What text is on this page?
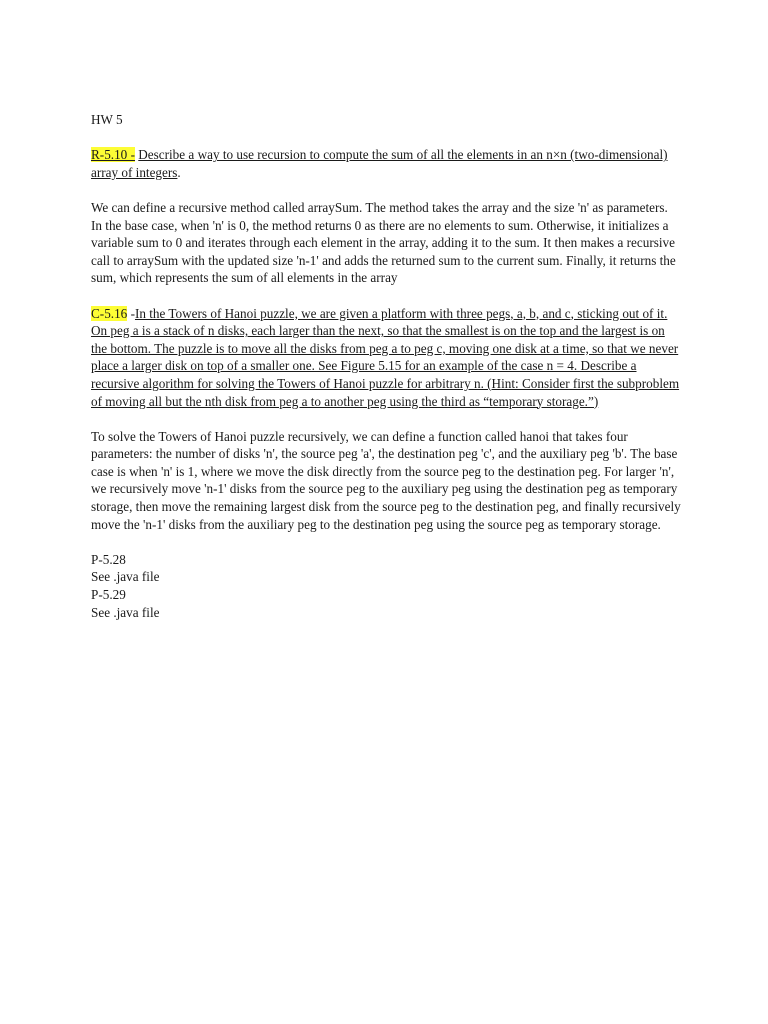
HW 5

R-5.10 - Describe a way to use recursion to compute the sum of all the elements in an n×n (two-dimensional) array of integers.

We can define a recursive method called arraySum. The method takes the array and the size 'n' as parameters. In the base case, when 'n' is 0, the method returns 0 as there are no elements to sum. Otherwise, it initializes a variable sum to 0 and iterates through each element in the array, adding it to the sum. It then makes a recursive call to arraySum with the updated size 'n-1' and adds the returned sum to the current sum. Finally, it returns the sum, which represents the sum of all elements in the array

C-5.16 -In the Towers of Hanoi puzzle, we are given a platform with three pegs, a, b, and c, sticking out of it. On peg a is a stack of n disks, each larger than the next, so that the smallest is on the top and the largest is on the bottom. The puzzle is to move all the disks from peg a to peg c, moving one disk at a time, so that we never place a larger disk on top of a smaller one. See Figure 5.15 for an example of the case n = 4. Describe a recursive algorithm for solving the Towers of Hanoi puzzle for arbitrary n. (Hint: Consider first the subproblem of moving all but the nth disk from peg a to another peg using the third as “temporary storage.”)

To solve the Towers of Hanoi puzzle recursively, we can define a function called hanoi that takes four parameters: the number of disks 'n', the source peg 'a', the destination peg 'c', and the auxiliary peg 'b'. The base case is when 'n' is 1, where we move the disk directly from the source peg to the destination peg. For larger 'n', we recursively move 'n-1' disks from the source peg to the auxiliary peg using the destination peg as temporary storage, then move the remaining largest disk from the source peg to the destination peg, and finally recursively move the 'n-1' disks from the auxiliary peg to the destination peg using the source peg as temporary storage.

P-5.28

See .java file

P-5.29

See .java file
